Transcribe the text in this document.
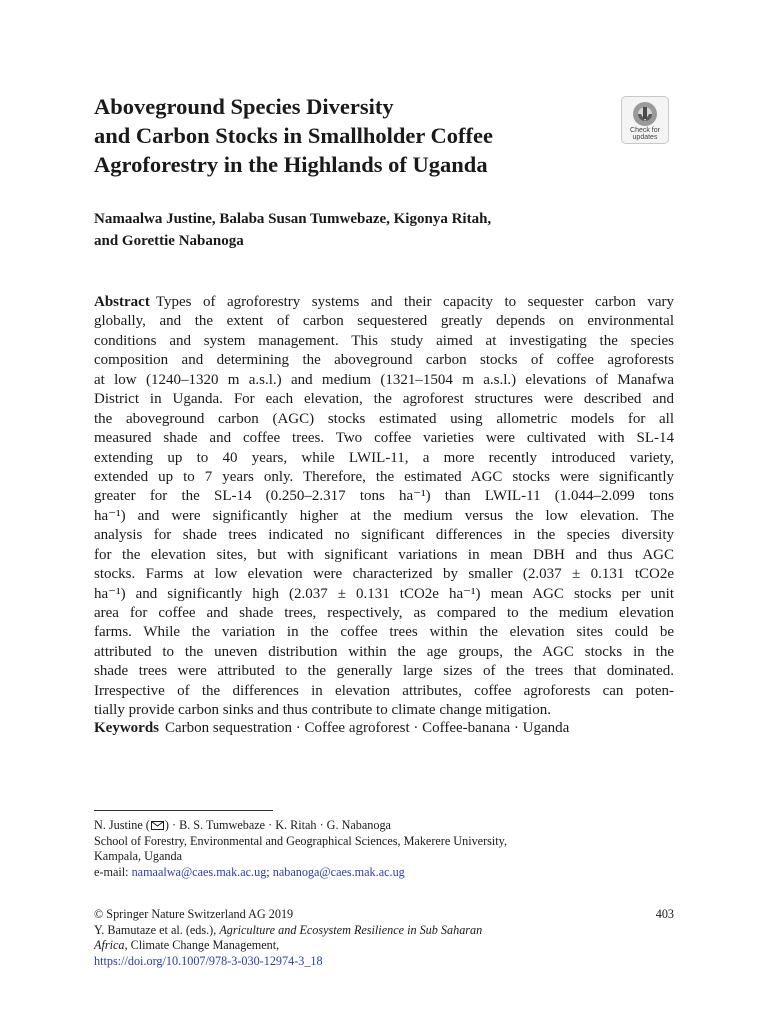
Aboveground Species Diversity
and Carbon Stocks in Smallholder Coffee
Agroforestry in the Highlands of Uganda
Check for
updates
Namaalwa Justine, Balaba Susan Tumwebaze, Kigonya Ritah,
and Gorettie Nabanoga
Abstract Types of agroforestry systems and their capacity to sequester carbon vary
globally, and the extent of carbon sequestered greatly depends on environmental
conditions and system management. This study aimed at investigating the species
composition and determining the aboveground carbon stocks of coffee agroforests
at low (1240–1320 m a.s.l.) and medium (1321–1504 m a.s.l.) elevations of Manafwa
District in Uganda. For each elevation, the agroforest structures were described and
the aboveground carbon (AGC) stocks estimated using allometric models for all
measured shade and coffee trees. Two coffee varieties were cultivated with SL-14
extending up to 40 years, while LWIL-11, a more recently introduced variety,
extended up to 7 years only. Therefore, the estimated AGC stocks were significantly
greater for the SL-14 (0.250–2.317 tons ha⁻¹) than LWIL-11 (1.044–2.099 tons
ha⁻¹) and were significantly higher at the medium versus the low elevation. The
analysis for shade trees indicated no significant differences in the species diversity
for the elevation sites, but with significant variations in mean DBH and thus AGC
stocks. Farms at low elevation were characterized by smaller (2.037 ± 0.131 tCO2e
ha⁻¹) and significantly high (2.037 ± 0.131 tCO2e ha⁻¹) mean AGC stocks per unit
area for coffee and shade trees, respectively, as compared to the medium elevation
farms. While the variation in the coffee trees within the elevation sites could be
attributed to the uneven distribution within the age groups, the AGC stocks in the
shade trees were attributed to the generally large sizes of the trees that dominated.
Irrespective of the differences in elevation attributes, coffee agroforests can poten-
tially provide carbon sinks and thus contribute to climate change mitigation.
Keywords Carbon sequestration · Coffee agroforest · Coffee-banana · Uganda
N. Justine ( ) · B. S. Tumwebaze · K. Ritah · G. Nabanoga
School of Forestry, Environmental and Geographical Sciences, Makerere University,
Kampala, Uganda
e-mail: namaalwa@caes.mak.ac.ug; nabanoga@caes.mak.ac.ug
© Springer Nature Switzerland AG 2019
Y. Bamutaze et al. (eds.), Agriculture and Ecosystem Resilience in Sub Saharan
Africa, Climate Change Management,
https://doi.org/10.1007/978-3-030-12974-3_18
403
